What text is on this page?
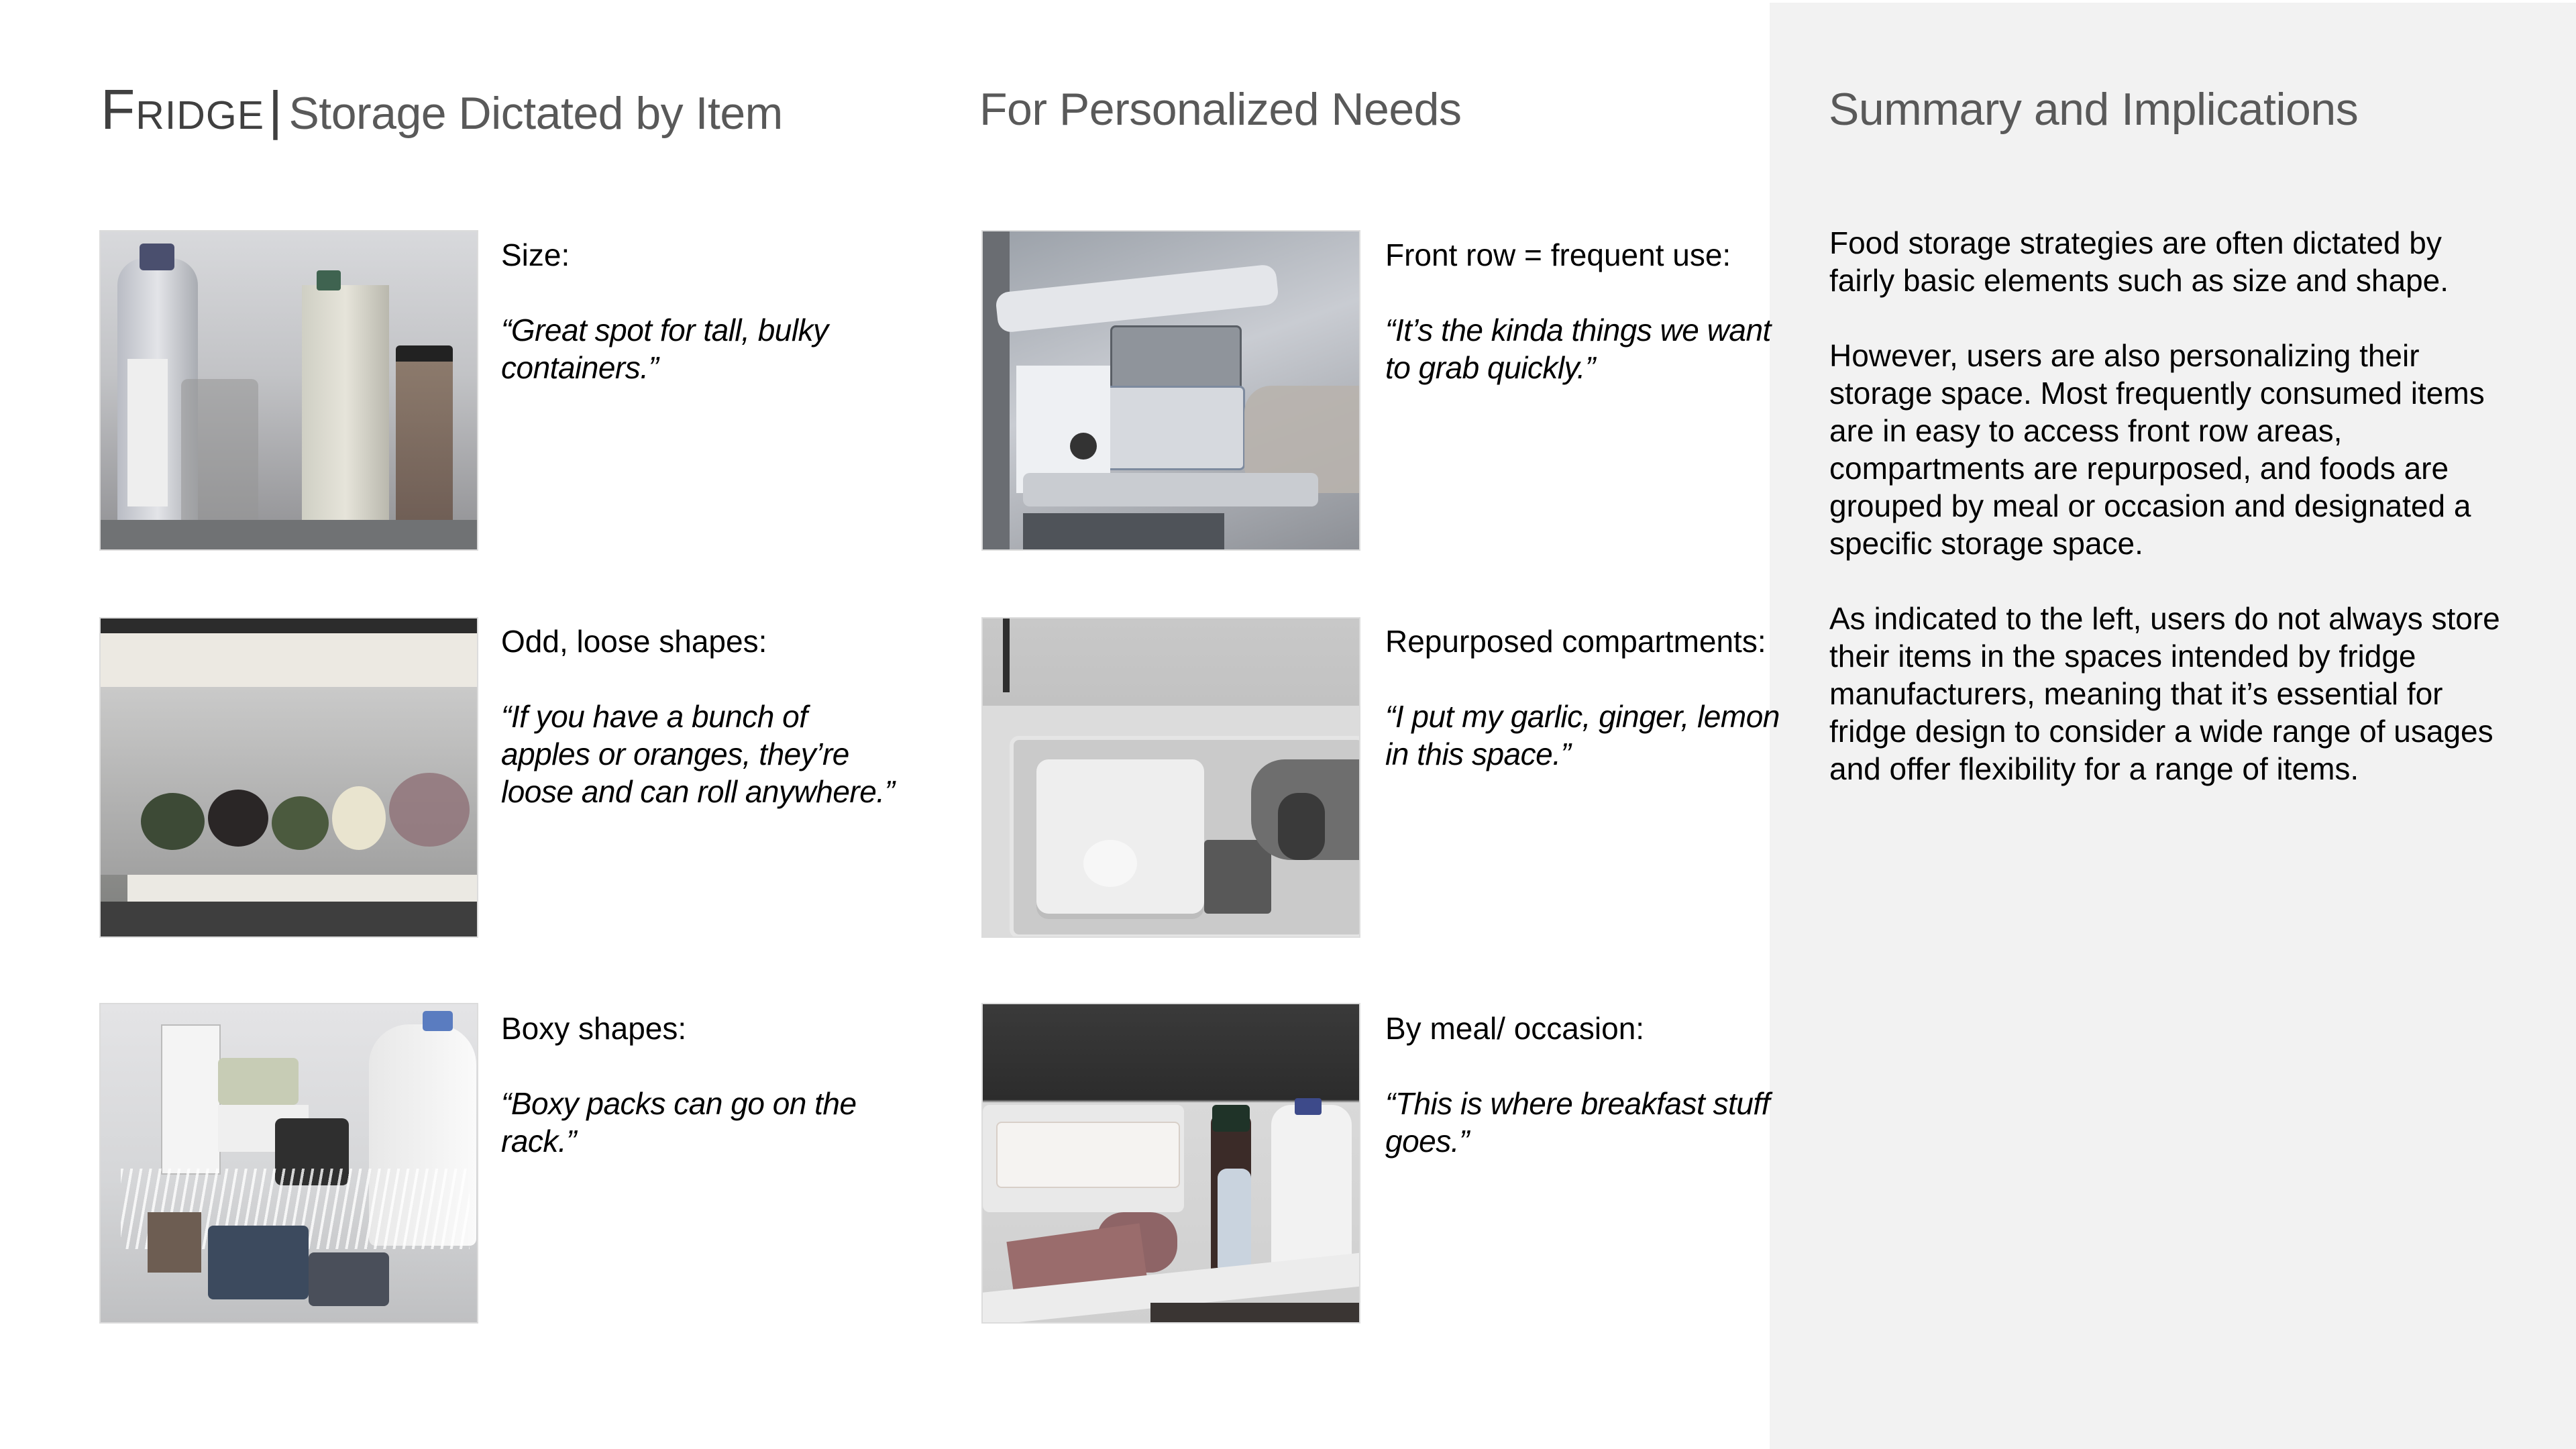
Fridge| Storage Dictated by Item	For Personalized Needs	Summary and Implications

Size:

“Great spot for tall, bulky containers.”

Odd, loose shapes:

“If you have a bunch of apples or oranges, they’re loose and can roll anywhere.”

Boxy shapes:

“Boxy packs can go on the rack.”

Front row = frequent use:

“It’s the kinda things we want to grab quickly.”

Repurposed compartments:

“I put my garlic, ginger, lemon in this space.”

By meal/ occasion:

“This is where breakfast stuff goes.”

Food storage strategies are often dictated by fairly basic elements such as size and shape.

However, users are also personalizing their storage space. Most frequently consumed items are in easy to access front row areas, compartments are repurposed, and foods are grouped by meal or occasion and designated a specific storage space.

As indicated to the left, users do not always store their items in the spaces intended by fridge manufacturers, meaning that it’s essential for fridge design to consider a wide range of usages and offer flexibility for a range of items.
